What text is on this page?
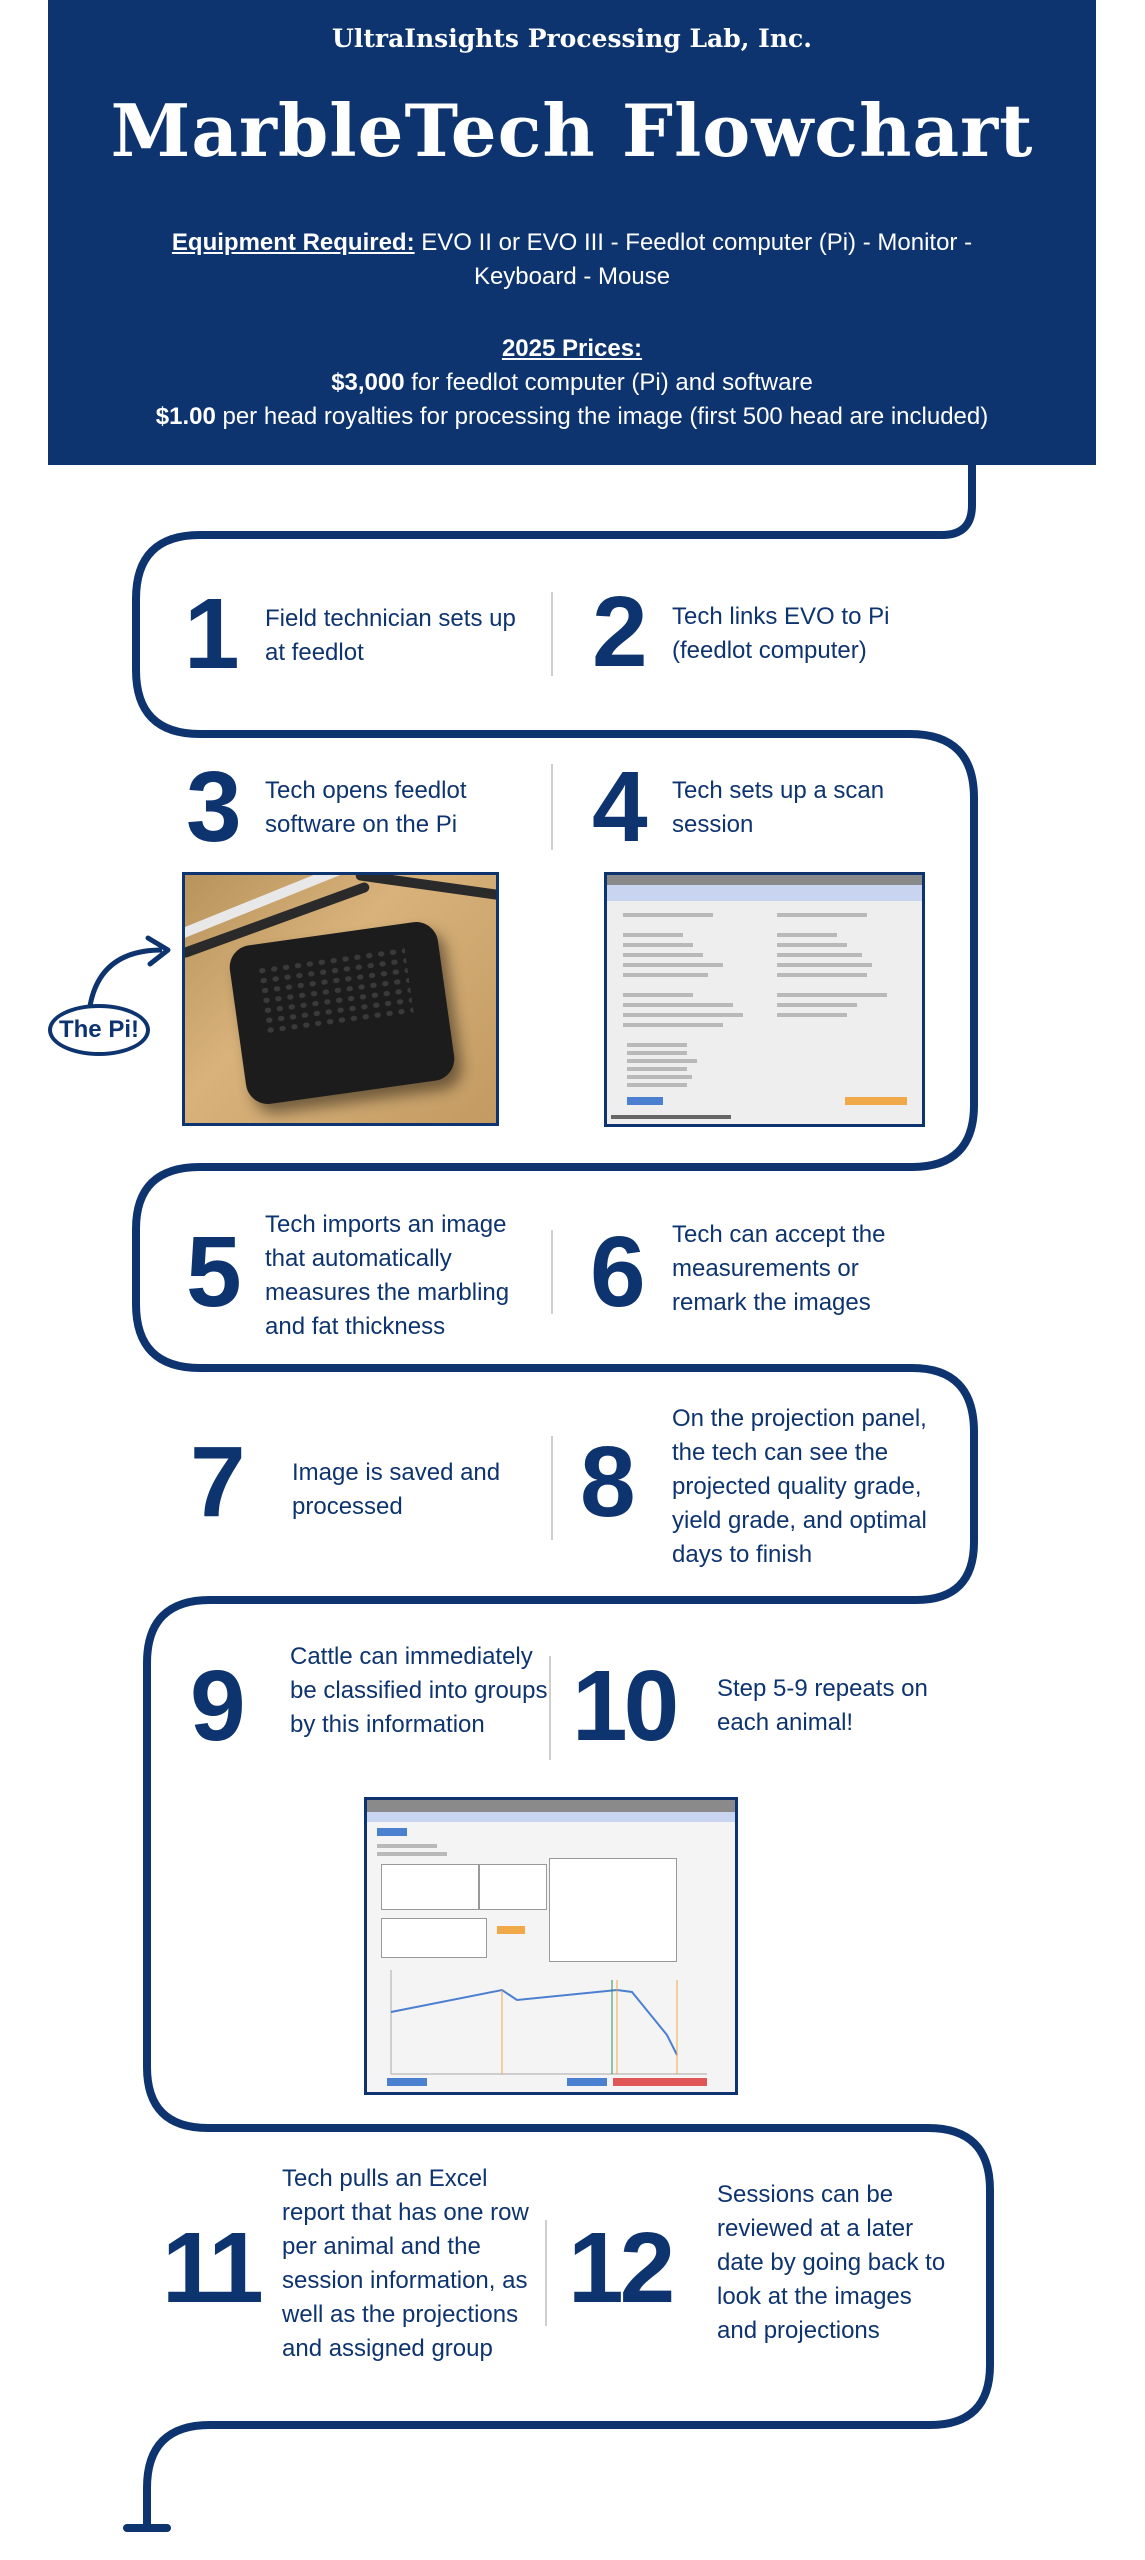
UltraInsights Processing Lab, Inc.
MarbleTech Flowchart
Equipment Required: EVO II or EVO III - Feedlot computer (Pi) - Monitor - Keyboard - Mouse
2025 Prices:
$3,000 for feedlot computer (Pi) and software
$1.00 per head royalties for processing the image (first 500 head are included)
1 Field technician sets up at feedlot	2 Tech links EVO to Pi (feedlot computer)
3 Tech opens feedlot software on the Pi	4 Tech sets up a scan session
The Pi!
5 Tech imports an image that automatically measures the marbling and fat thickness	6 Tech can accept the measurements or remark the images
7 Image is saved and processed	8
On the projection panel, the tech can see the projected quality grade, yield grade, and optimal days to finish
9 Cattle can immediately be classified into groups by this information 10 Step 5-9 repeats on each animal!
11
Tech pulls an Excel report that has one row per animal and the session information, as well as the projections and assigned group
12
Sessions can be reviewed at a later date by going back to look at the images and projections
